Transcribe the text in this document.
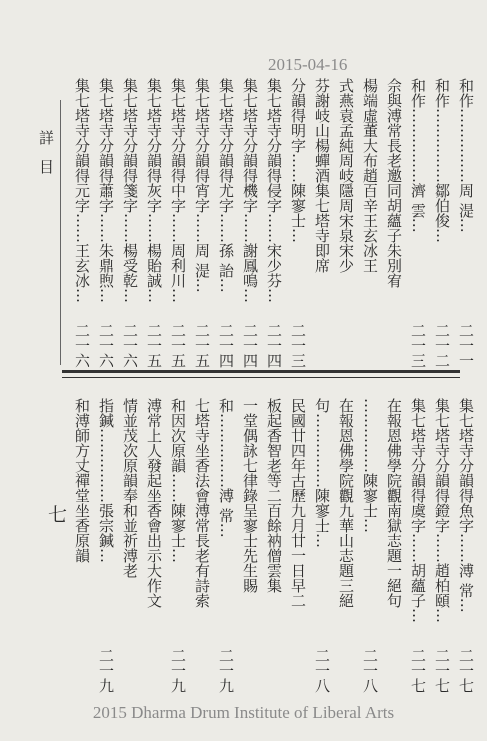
2015-04-16
和作……………周 湜…
二一一
和作……………鄒伯俊…
二一二
和作……………濟 雲…
二一三
佘與溥常長老邀同胡蘊子朱別宥
楊端虛董大布趙百辛王玄冰王
式燕袁孟純周岐隱周宋泉宋少
芬謝岐山楊蟬酒集七塔寺即席
分韻得明字……陳寥士…
二一三
集七塔寺分韻得侵字……宋少芬…
二一四
集七塔寺分韻得機字……謝鳳鳴…
二一四
集七塔寺分韻得尤字……孫 詒…
二一四
集七塔寺分韻得宵字……周 湜…
二一五
集七塔寺分韻得中字……周利川…
二一五
集七塔寺分韻得灰字……楊貽誠…
二一五
集七塔寺分韻得箋字……楊受乾…
二一六
集七塔寺分韻得蕭字……朱鼎煦…
二一六
集七塔寺分韻得元字……王玄冰…
二一六
詳目
集七塔寺分韻得魚字……溥 常…
二一七
集七塔寺分韻得鐙字……趙柏頤…
二一七
集七塔寺分韻得虞字……胡蘊子…
二一七
在報恩佛學院觀南獄志題一絕句
……………陳寥士…
二一八
在報恩佛學院觀九華山志題三絕
句……………陳寥士…
二一八
民國廿四年古歷九月廿一日早二
板起香智老等二百餘衲僧雲集
一堂偶詠七律錄呈寥士先生賜
和……………溥 常…
二一九
七塔寺坐香法會溥常長老有詩索
和因次原韻……陳寥士…
二一九
溥常上人發起坐香會出示大作文
情並茂次原韻奉和並祈溥老
指鍼……………張宗鍼…
二一九
和溥師方丈禪堂坐香原韻
七
2015 Dharma Drum Institute of Liberal Arts
